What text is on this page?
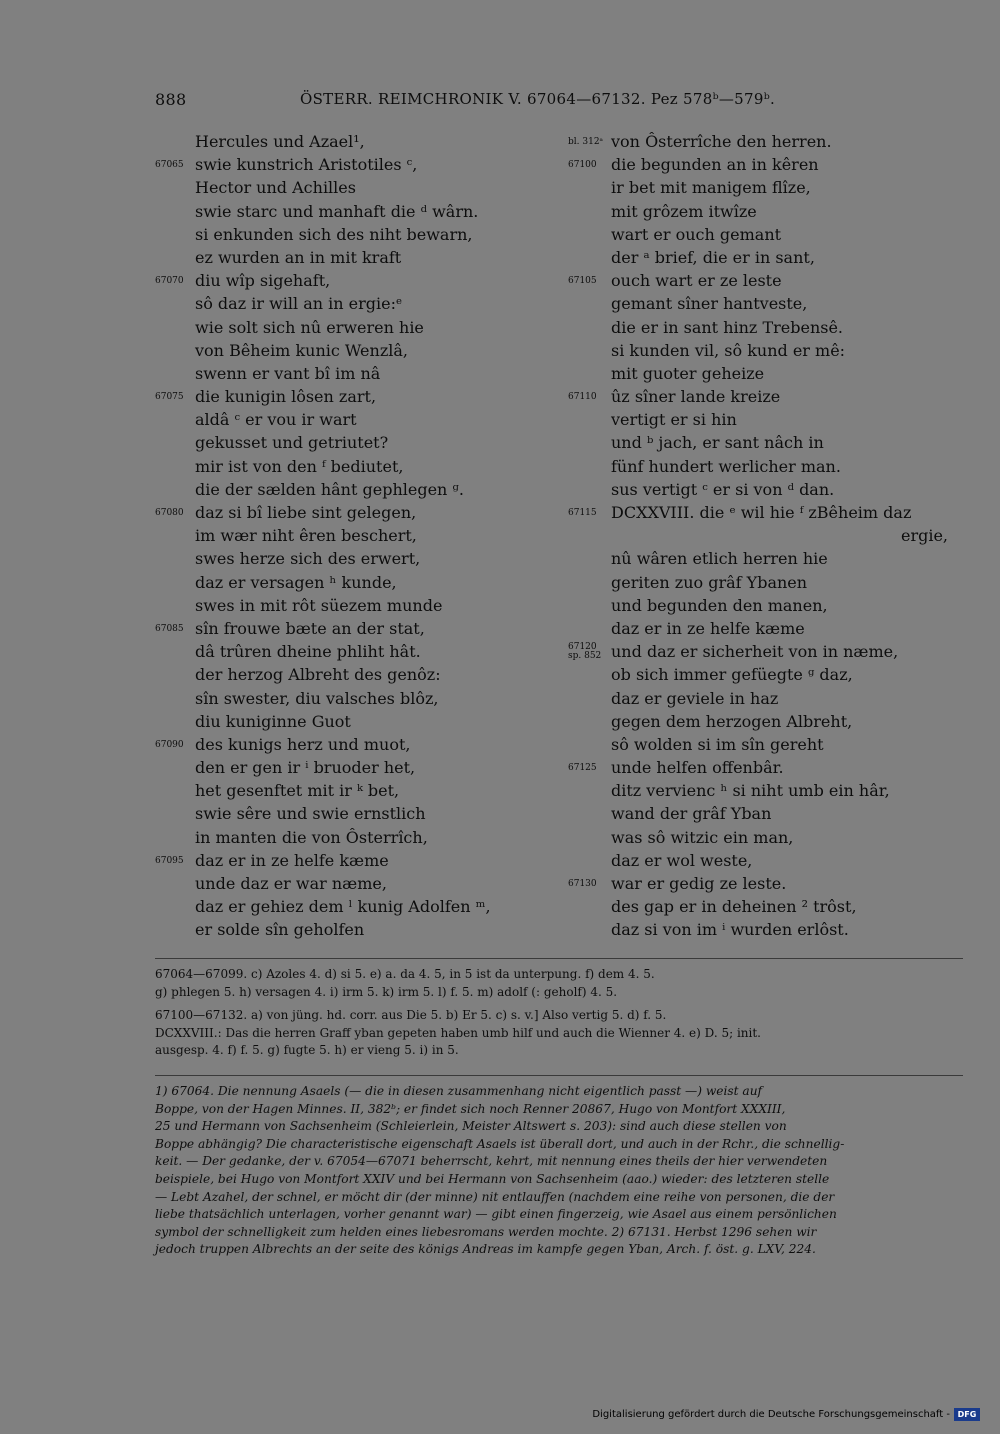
888	ÖSTERR. REIMCHRONIK V. 67064—67132. Pez 578ᵇ—579ᵇ.
Hercules und Azael¹,
67065 swie kunstrich Aristotiles ᶜ,
Hector und Achilles
swie starc und manhaft die ᵈ wârn.
si enkunden sich des niht bewarn,
ez wurden an in mit kraft
67070 diu wîp sigehaft,
sô daz ir will an in ergie:ᵉ
wie solt sich nû erweren hie
von Bêheim kunic Wenzlâ,
swenn er vant bî im nâ
67075 die kunigin lôsen zart,
aldâ ᶜ er vou ir wart
gekusset und getriutet?
mir ist von den ᶠ bediutet,
die der sælden hânt gephlegen ᵍ.
67080 daz si bî liebe sint gelegen,
im wær niht êren beschert,
swes herze sich des erwert,
daz er versagen ʰ kunde,
swes in mit rôt süezem munde
67085 sîn frouwe bæte an der stat,
dâ trûren dheine phliht hât.
der herzog Albreht des genôz:
sîn swester, diu valsches blôz,
diu kuniginne Guot
67090 des kunigs herz und muot,
den er gen ir ⁱ bruoder het,
het gesenftet mit ir ᵏ bet,
swie sêre und swie ernstlich
in manten die von Ôsterrîch,
67095 daz er in ze helfe kæme
unde daz er war næme,
daz er gehiez dem ˡ kunig Adolfen ᵐ,
er solde sîn geholfen
bl. 312ᵃ von Ôsterrîche den herren.
67100 die begunden an in kêren
ir bet mit manigem flîze,
mit grôzem itwîze
wart er ouch gemant
der ᵃ brief, die er in sant,
67105 ouch wart er ze leste
gemant sîner hantveste,
die er in sant hinz Trebensê.
si kunden vil, sô kund er mê:
mit guoter geheize
67110 ûz sîner lande kreize
vertigt er si hin
und ᵇ jach, er sant nâch in
fünf hundert werlicher man.
sus vertigt ᶜ er si von ᵈ dan.
67115 DCXXVIII. die ᵉ wil hie ᶠ zBêheim daz
ergie,
nû wâren etlich herren hie
geriten zuo grâf Ybanen
und begunden den manen,
daz er in ze helfe kæme
67120
sp. 852 und daz er sicherheit von in næme,
ob sich immer gefüegte ᵍ daz,
daz er geviele in haz
gegen dem herzogen Albreht,
sô wolden si im sîn gereht
67125 unde helfen offenbâr.
ditz vervienc ʰ si niht umb ein hâr,
wand der grâf Yban
was sô witzic ein man,
daz er wol weste,
67130 war er gedig ze leste.
des gap er in deheinen ² trôst,
daz si von im ⁱ wurden erlôst.
67064—67099. c) Azoles 4. d) si 5. e) a. da 4. 5, in 5 ist da unterpung. f) dem 4. 5.
g) phlegen 5. h) versagen 4. i) irm 5. k) irm 5. l) f. 5. m) adolf (: geholf) 4. 5.
67100—67132. a) von jüng. hd. corr. aus Die 5. b) Er 5. c) s. v.] Also vertig 5. d) f. 5.
DCXXVIII.: Das die herren Graff yban gepeten haben umb hilf und auch die Wienner 4. e) D. 5; init.
ausgesp. 4. f) f. 5. g) fugte 5. h) er vieng 5. i) in 5.
1) 67064. Die nennung Asaels (— die in diesen zusammenhang nicht eigentlich passt —) weist auf
Boppe, von der Hagen Minnes. II, 382ᵇ; er findet sich noch Renner 20867, Hugo von Montfort XXXIII,
25 und Hermann von Sachsenheim (Schleierlein, Meister Altswert s. 203): sind auch diese stellen von
Boppe abhängig? Die characteristische eigenschaft Asaels ist überall dort, und auch in der Rchr., die schnellig-
keit. — Der gedanke, der v. 67054—67071 beherrscht, kehrt, mit nennung eines theils der hier verwendeten
beispiele, bei Hugo von Montfort XXIV und bei Hermann von Sachsenheim (aao.) wieder: des letzteren stelle
— Lebt Azahel, der schnel, er möcht dir (der minne) nit entlauffen (nachdem eine reihe von personen, die der
liebe thatsächlich unterlagen, vorher genannt war) — gibt einen fingerzeig, wie Asael aus einem persönlichen
symbol der schnelligkeit zum helden eines liebesromans werden mochte. 2) 67131. Herbst 1296 sehen wir
jedoch truppen Albrechts an der seite des königs Andreas im kampfe gegen Yban, Arch. f. öst. g. LXV, 224.
Digitalisierung gefördert durch die Deutsche Forschungsgemeinschaft - DFG
